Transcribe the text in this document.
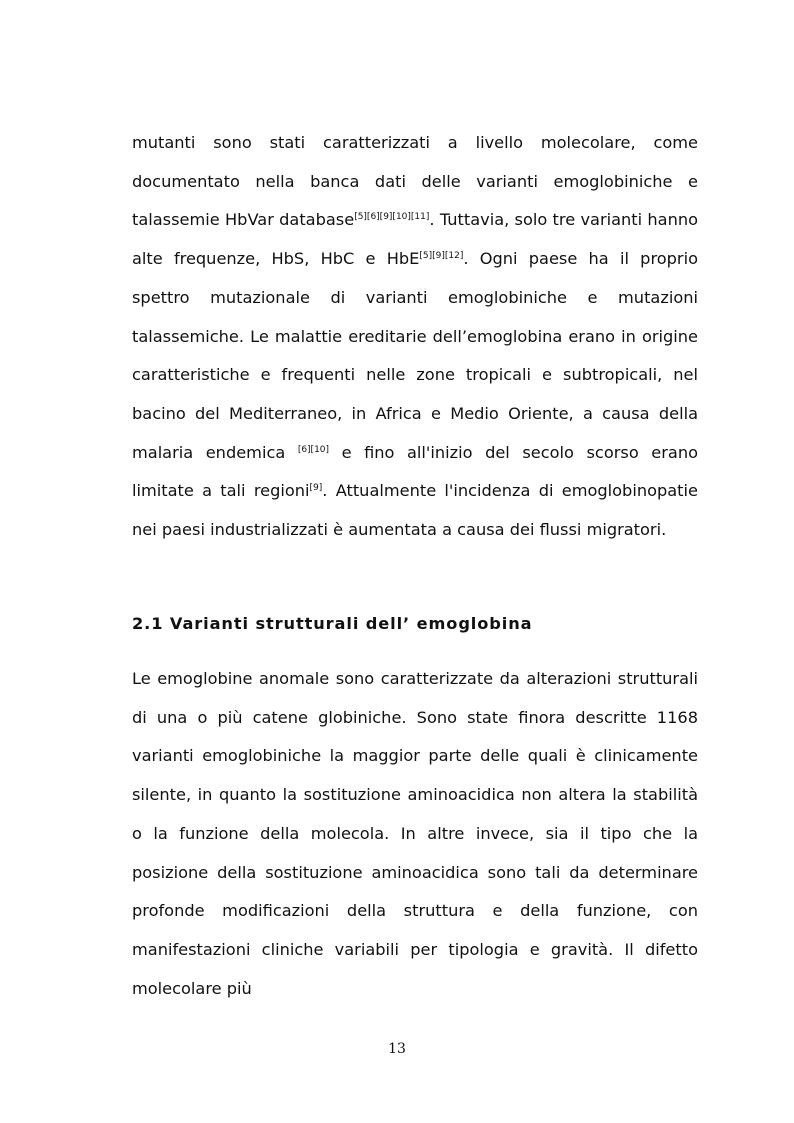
mutanti sono stati caratterizzati a livello molecolare, come documentato nella banca dati delle varianti emoglobiniche e talassemie HbVar database[5][6][9][10][11]. Tuttavia, solo tre varianti hanno alte frequenze, HbS, HbC e HbE[5][9][12]. Ogni paese ha il proprio spettro mutazionale di varianti emoglobiniche e mutazioni talassemiche. Le malattie ereditarie dell’emoglobina erano in origine caratteristiche e frequenti nelle zone tropicali e subtropicali, nel bacino del Mediterraneo, in Africa e Medio Oriente, a causa della malaria endemica [6][10] e fino all'inizio del secolo scorso erano limitate a tali regioni[9]. Attualmente l'incidenza di emoglobinopatie nei paesi industrializzati è aumentata a causa dei flussi migratori.

2.1 Varianti strutturali dell’ emoglobina

Le emoglobine anomale sono caratterizzate da alterazioni strutturali di una o più catene globiniche. Sono state finora descritte 1168 varianti emoglobiniche la maggior parte delle quali è clinicamente silente, in quanto la sostituzione aminoacidica non altera la stabilità o la funzione della molecola. In altre invece, sia il tipo che la posizione della sostituzione aminoacidica sono tali da determinare profonde modificazioni della struttura e della funzione, con manifestazioni cliniche variabili per tipologia e gravità. Il difetto molecolare più

13
